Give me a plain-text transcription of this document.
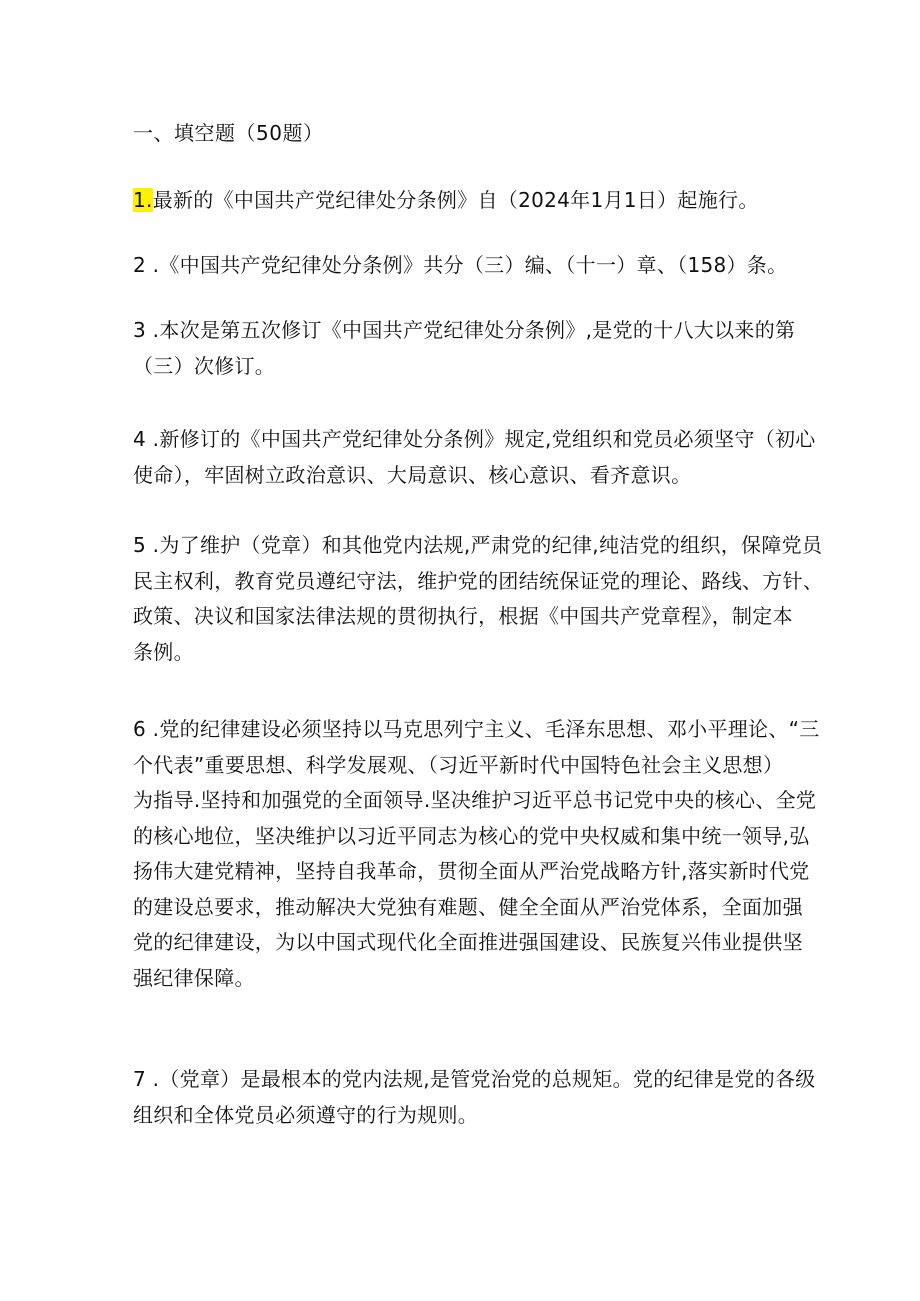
一、填空题（50题）
1.最新的《中国共产党纪律处分条例》自（2024年1月1日）起施行。
2 .《中国共产党纪律处分条例》共分（三）编、（十一）章、（158）条。
3 .本次是第五次修订《中国共产党纪律处分条例》,是党的十八大以来的第
（三）次修订。
4 .新修订的《中国共产党纪律处分条例》规定,党组织和党员必须坚守（初心
使命），牢固树立政治意识、大局意识、核心意识、看齐意识。
5 .为了维护（党章）和其他党内法规,严肃党的纪律,纯洁党的组织，保障党员
民主权利，教育党员遵纪守法，维护党的团结统保证党的理论、路线、方针、
政策、决议和国家法律法规的贯彻执行，根据《中国共产党章程》，制定本
条例。
6 .党的纪律建设必须坚持以马克思列宁主义、毛泽东思想、邓小平理论、“三
个代表”重要思想、科学发展观、（习近平新时代中国特色社会主义思想）
为指导.坚持和加强党的全面领导.坚决维护习近平总书记党中央的核心、全党
的核心地位，坚决维护以习近平同志为核心的党中央权威和集中统一领导,弘
扬伟大建党精神，坚持自我革命，贯彻全面从严治党战略方针,落实新时代党
的建设总要求，推动解决大党独有难题、健全全面从严治党体系，全面加强
党的纪律建设，为以中国式现代化全面推进强国建设、民族复兴伟业提供坚
强纪律保障。
7 .（党章）是最根本的党内法规,是管党治党的总规矩。党的纪律是党的各级
组织和全体党员必须遵守的行为规则。
